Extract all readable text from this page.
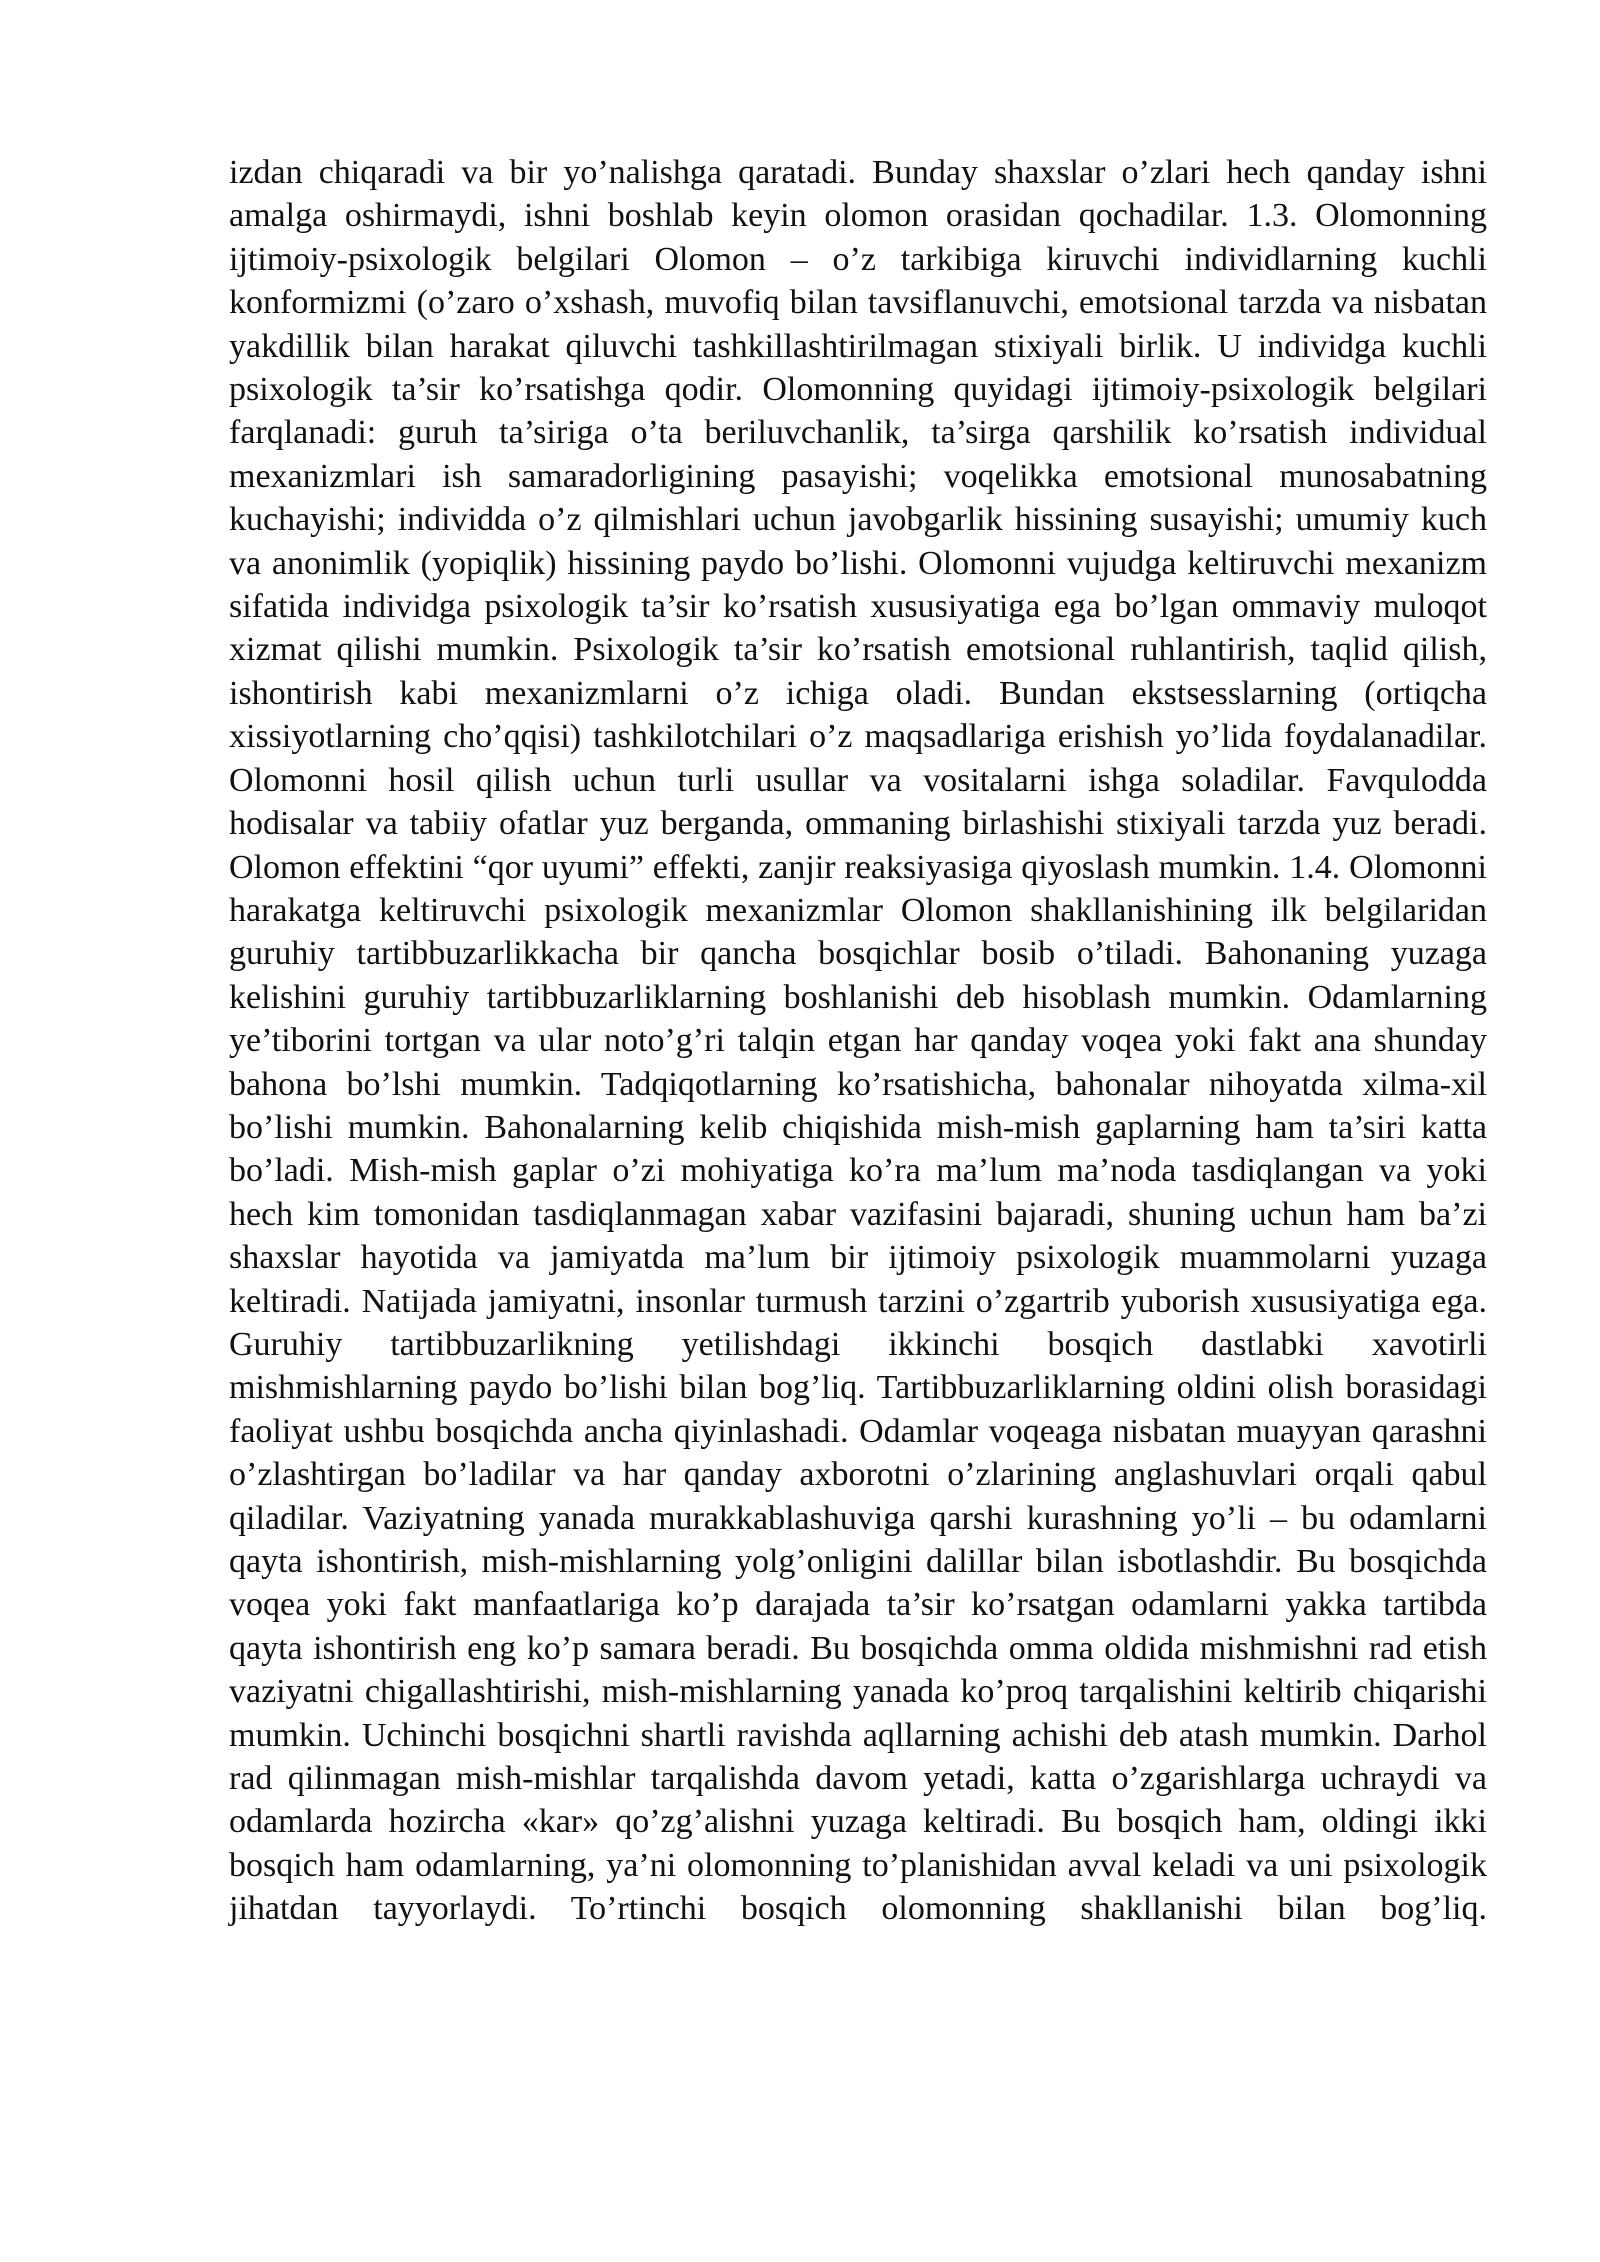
izdan chiqaradi va bir yo’nalishga qaratadi. Bunday shaxslar o’zlari hech qanday ishni amalga oshirmaydi, ishni boshlab keyin olomon orasidan qochadilar. 1.3. Olomonning ijtimoiy-psixologik belgilari Olomon – o’z tarkibiga kiruvchi individlarning kuchli konformizmi (o’zaro o’xshash, muvofiq bilan tavsiflanuvchi, emotsional tarzda va nisbatan yakdillik bilan harakat qiluvchi tashkillashtirilmagan stixiyali birlik. U individga kuchli psixologik ta’sir ko’rsatishga qodir. Olomonning quyidagi ijtimoiy-psixologik belgilari farqlanadi: guruh ta’siriga o’ta beriluvchanlik, ta’sirga qarshilik ko’rsatish individual mexanizmlari ish samaradorligining pasayishi; voqelikka emotsional munosabatning kuchayishi; individda o’z qilmishlari uchun javobgarlik hissining susayishi; umumiy kuch va anonimlik (yopiqlik) hissining paydo bo’lishi. Olomonni vujudga keltiruvchi mexanizm sifatida individga psixologik ta’sir ko’rsatish xususiyatiga ega bo’lgan ommaviy muloqot xizmat qilishi mumkin. Psixologik ta’sir ko’rsatish emotsional ruhlantirish, taqlid qilish, ishontirish kabi mexanizmlarni o’z ichiga oladi. Bundan ekstsesslarning (ortiqcha xissiyotlarning cho’qqisi) tashkilotchilari o’z maqsadlariga erishish yo’lida foydalanadilar. Olomonni hosil qilish uchun turli usullar va vositalarni ishga soladilar. Favqulodda hodisalar va tabiiy ofatlar yuz berganda, ommaning birlashishi stixiyali tarzda yuz beradi. Olomon effektini “qor uyumi” effekti, zanjir reaksiyasiga qiyoslash mumkin. 1.4. Olomonni harakatga keltiruvchi psixologik mexanizmlar Olomon shakllanishining ilk belgilaridan guruhiy tartibbuzarlikkacha bir qancha bosqichlar bosib o’tiladi. Bahonaning yuzaga kelishini guruhiy tartibbuzarliklarning boshlanishi deb hisoblash mumkin. Odamlarning ye’tiborini tortgan va ular noto’g’ri talqin etgan har qanday voqea yoki fakt ana shunday bahona bo’lshi mumkin. Tadqiqotlarning ko’rsatishicha, bahonalar nihoyatda xilma-xil bo’lishi mumkin. Bahonalarning kelib chiqishida mish-mish gaplarning ham ta’siri katta bo’ladi. Mish-mish gaplar o’zi mohiyatiga ko’ra ma’lum ma’noda tasdiqlangan va yoki hech kim tomonidan tasdiqlanmagan xabar vazifasini bajaradi, shuning uchun ham ba’zi shaxslar hayotida va jamiyatda ma’lum bir ijtimoiy psixologik muammolarni yuzaga keltiradi. Natijada jamiyatni, insonlar turmush tarzini o’zgartrib yuborish xususiyatiga ega. Guruhiy tartibbuzarlikning yetilishdagi ikkinchi bosqich dastlabki xavotirli mishmishlarning paydo bo’lishi bilan bog’liq. Tartibbuzarliklarning oldini olish borasidagi faoliyat ushbu bosqichda ancha qiyinlashadi. Odamlar voqeaga nisbatan muayyan qarashni o’zlashtirgan bo’ladilar va har qanday axborotni o’zlarining anglashuvlari orqali qabul qiladilar. Vaziyatning yanada murakkablashuviga qarshi kurashning yo’li – bu odamlarni qayta ishontirish, mish-mishlarning yolg’onligini dalillar bilan isbotlashdir. Bu bosqichda voqea yoki fakt manfaatlariga ko’p darajada ta’sir ko’rsatgan odamlarni yakka tartibda qayta ishontirish eng ko’p samara beradi. Bu bosqichda omma oldida mishmishni rad etish vaziyatni chigallashtirishi, mish-mishlarning yanada ko’proq tarqalishini keltirib chiqarishi mumkin. Uchinchi bosqichni shartli ravishda aqllarning achishi deb atash mumkin. Darhol rad qilinmagan mish-mishlar tarqalishda davom yetadi, katta o’zgarishlarga uchraydi va odamlarda hozircha «kar» qo’zg’alishni yuzaga keltiradi. Bu bosqich ham, oldingi ikki bosqich ham odamlarning, ya’ni olomonning to’planishidan avval keladi va uni psixologik jihatdan tayyorlaydi. To’rtinchi bosqich olomonning shakllanishi bilan bog’liq.
